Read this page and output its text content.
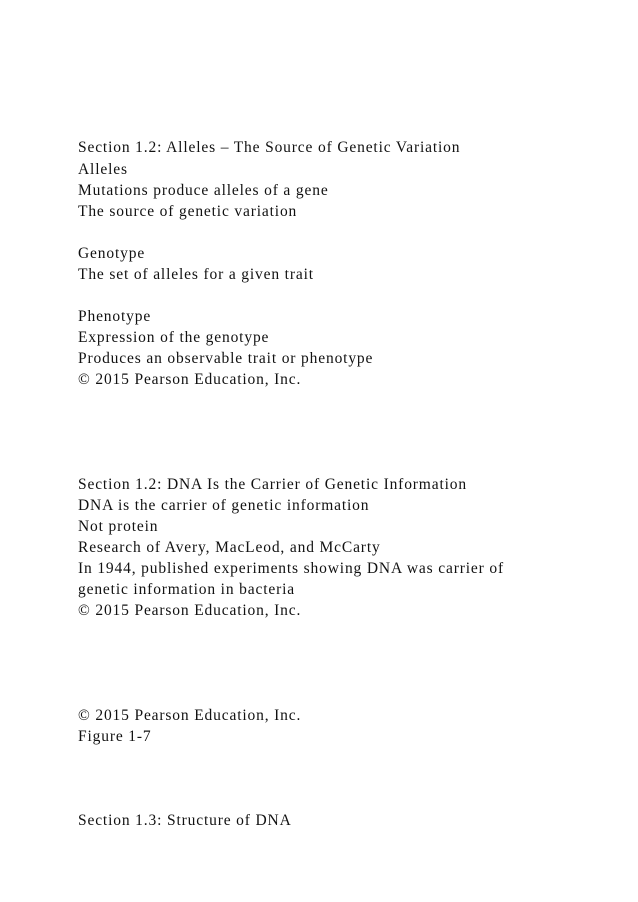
Section 1.2: Alleles – The Source of Genetic Variation

Alleles

Mutations produce alleles of a gene

The source of genetic variation

Genotype

The set of alleles for a given trait

Phenotype

Expression of the genotype

Produces an observable trait or phenotype

© 2015 Pearson Education, Inc.

Section 1.2: DNA Is the Carrier of Genetic Information

DNA is the carrier of genetic information

Not protein

Research of Avery, MacLeod, and McCarty

In 1944, published experiments showing DNA was carrier of

genetic information in bacteria

© 2015 Pearson Education, Inc.

© 2015 Pearson Education, Inc.

Figure 1-7

Section 1.3: Structure of DNA
